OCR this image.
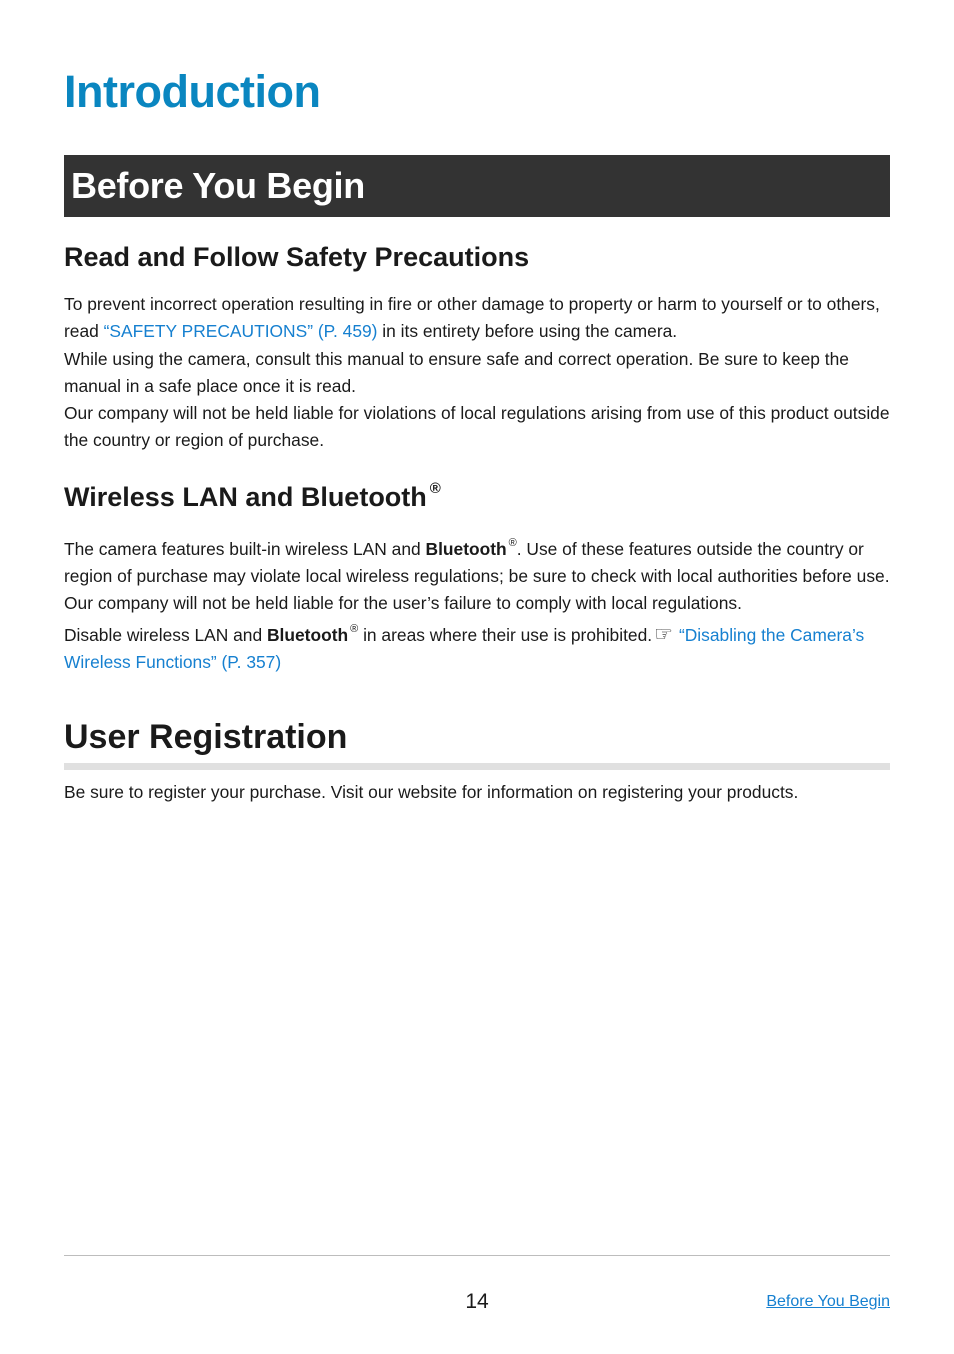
Introduction
Before You Begin
Read and Follow Safety Precautions

To prevent incorrect operation resulting in fire or other damage to property or harm to yourself or to others, read “SAFETY PRECAUTIONS” (P. 459) in its entirety before using the camera.
While using the camera, consult this manual to ensure safe and correct operation. Be sure to keep the manual in a safe place once it is read.
Our company will not be held liable for violations of local regulations arising from use of this product outside the country or region of purchase.

Wireless LAN and Bluetooth ®

The camera features built-in wireless LAN and Bluetooth ®. Use of these features outside the country or region of purchase may violate local wireless regulations; be sure to check with local authorities before use. Our company will not be held liable for the user’s failure to comply with local regulations.
Disable wireless LAN and Bluetooth ® in areas where their use is prohibited.☞ “Disabling the Camera’s Wireless Functions” (P. 357)

User Registration

Be sure to register your purchase. Visit our website for information on registering your products.

14	Before You Begin
